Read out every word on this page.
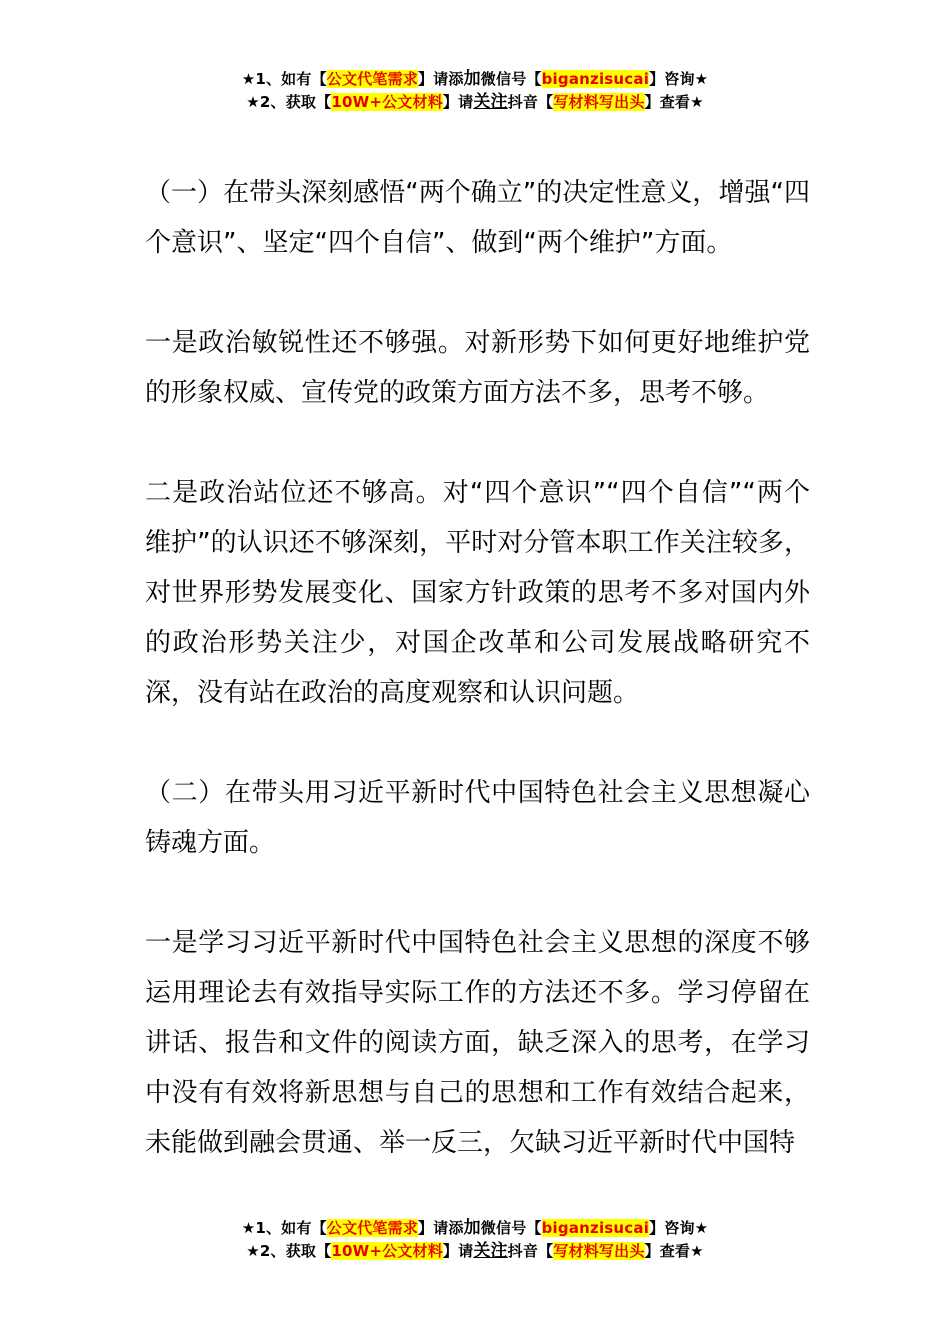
★1、如有【公文代笔需求】请添加微信号【biganzisucai】咨询★
★2、获取【10W+公文材料】请关注抖音【写材料写出头】查看★

（一）在带头深刻感悟“两个确立”的决定性意义，增强“四个意识”、坚定“四个自信”、做到“两个维护”方面。

一是政治敏锐性还不够强。对新形势下如何更好地维护党的形象权威、宣传党的政策方面方法不多，思考不够。

二是政治站位还不够高。对“四个意识”“四个自信”“两个维护”的认识还不够深刻，平时对分管本职工作关注较多，对世界形势发展变化、国家方针政策的思考不多对国内外的政治形势关注少，对国企改革和公司发展战略研究不深，没有站在政治的高度观察和认识问题。

（二）在带头用习近平新时代中国特色社会主义思想凝心铸魂方面。

一是学习习近平新时代中国特色社会主义思想的深度不够运用理论去有效指导实际工作的方法还不多。学习停留在讲话、报告和文件的阅读方面，缺乏深入的思考，在学习中没有有效将新思想与自己的思想和工作有效结合起来，未能做到融会贯通、举一反三，欠缺习近平新时代中国特

★1、如有【公文代笔需求】请添加微信号【biganzisucai】咨询★
★2、获取【10W+公文材料】请关注抖音【写材料写出头】查看★
